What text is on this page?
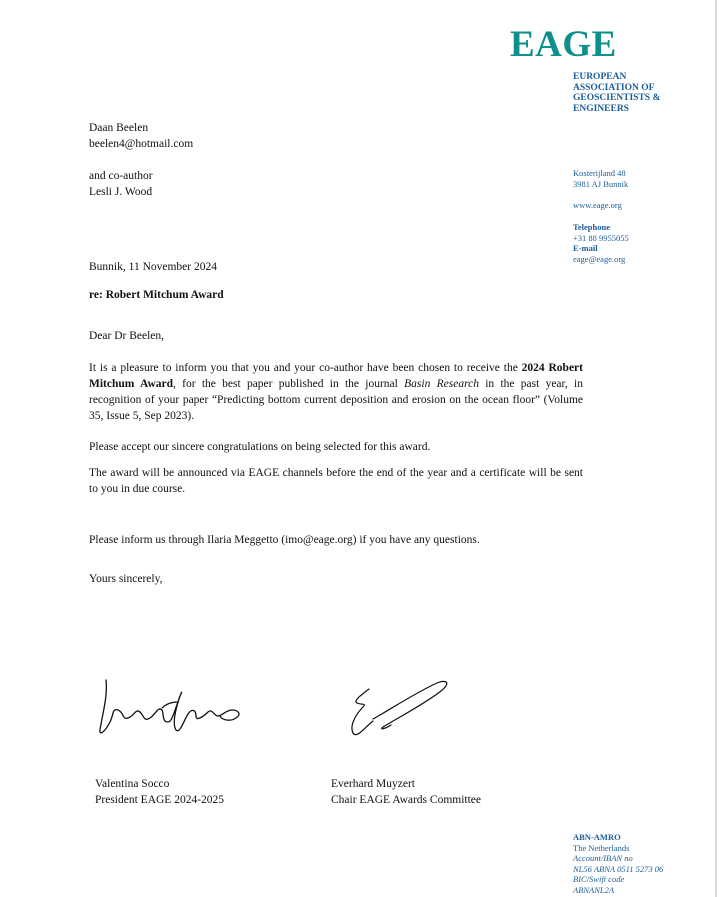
EAGE
EUROPEAN
ASSOCIATION OF
GEOSCIENTISTS &
ENGINEERS
Kosterijland 48
3981 AJ Bunnik
www.eage.org
Telephone
+31 88 9955055
E-mail
eage@eage.org
Daan Beelen
beelen4@hotmail.com
and co-author
Lesli J. Wood
Bunnik, 11 November 2024
re: Robert Mitchum Award
Dear Dr Beelen,
It is a pleasure to inform you that you and your co-author have been chosen to receive the 2024 Robert Mitchum Award, for the best paper published in the journal Basin Research in the past year, in recognition of your paper “Predicting bottom current deposition and erosion on the ocean floor” (Volume 35, Issue 5, Sep 2023).
Please accept our sincere congratulations on being selected for this award.
The award will be announced via EAGE channels before the end of the year and a certificate will be sent to you in due course.
Please inform us through Ilaria Meggetto (imo@eage.org) if you have any questions.
Yours sincerely,
Valentina Socco
President EAGE 2024-2025
Everhard Muyzert
Chair EAGE Awards Committee
ABN-AMRO
The Netherlands
Account/IBAN no
NL56 ABNA 0511 5273 06
BIC/Swift code
ABNANL2A
